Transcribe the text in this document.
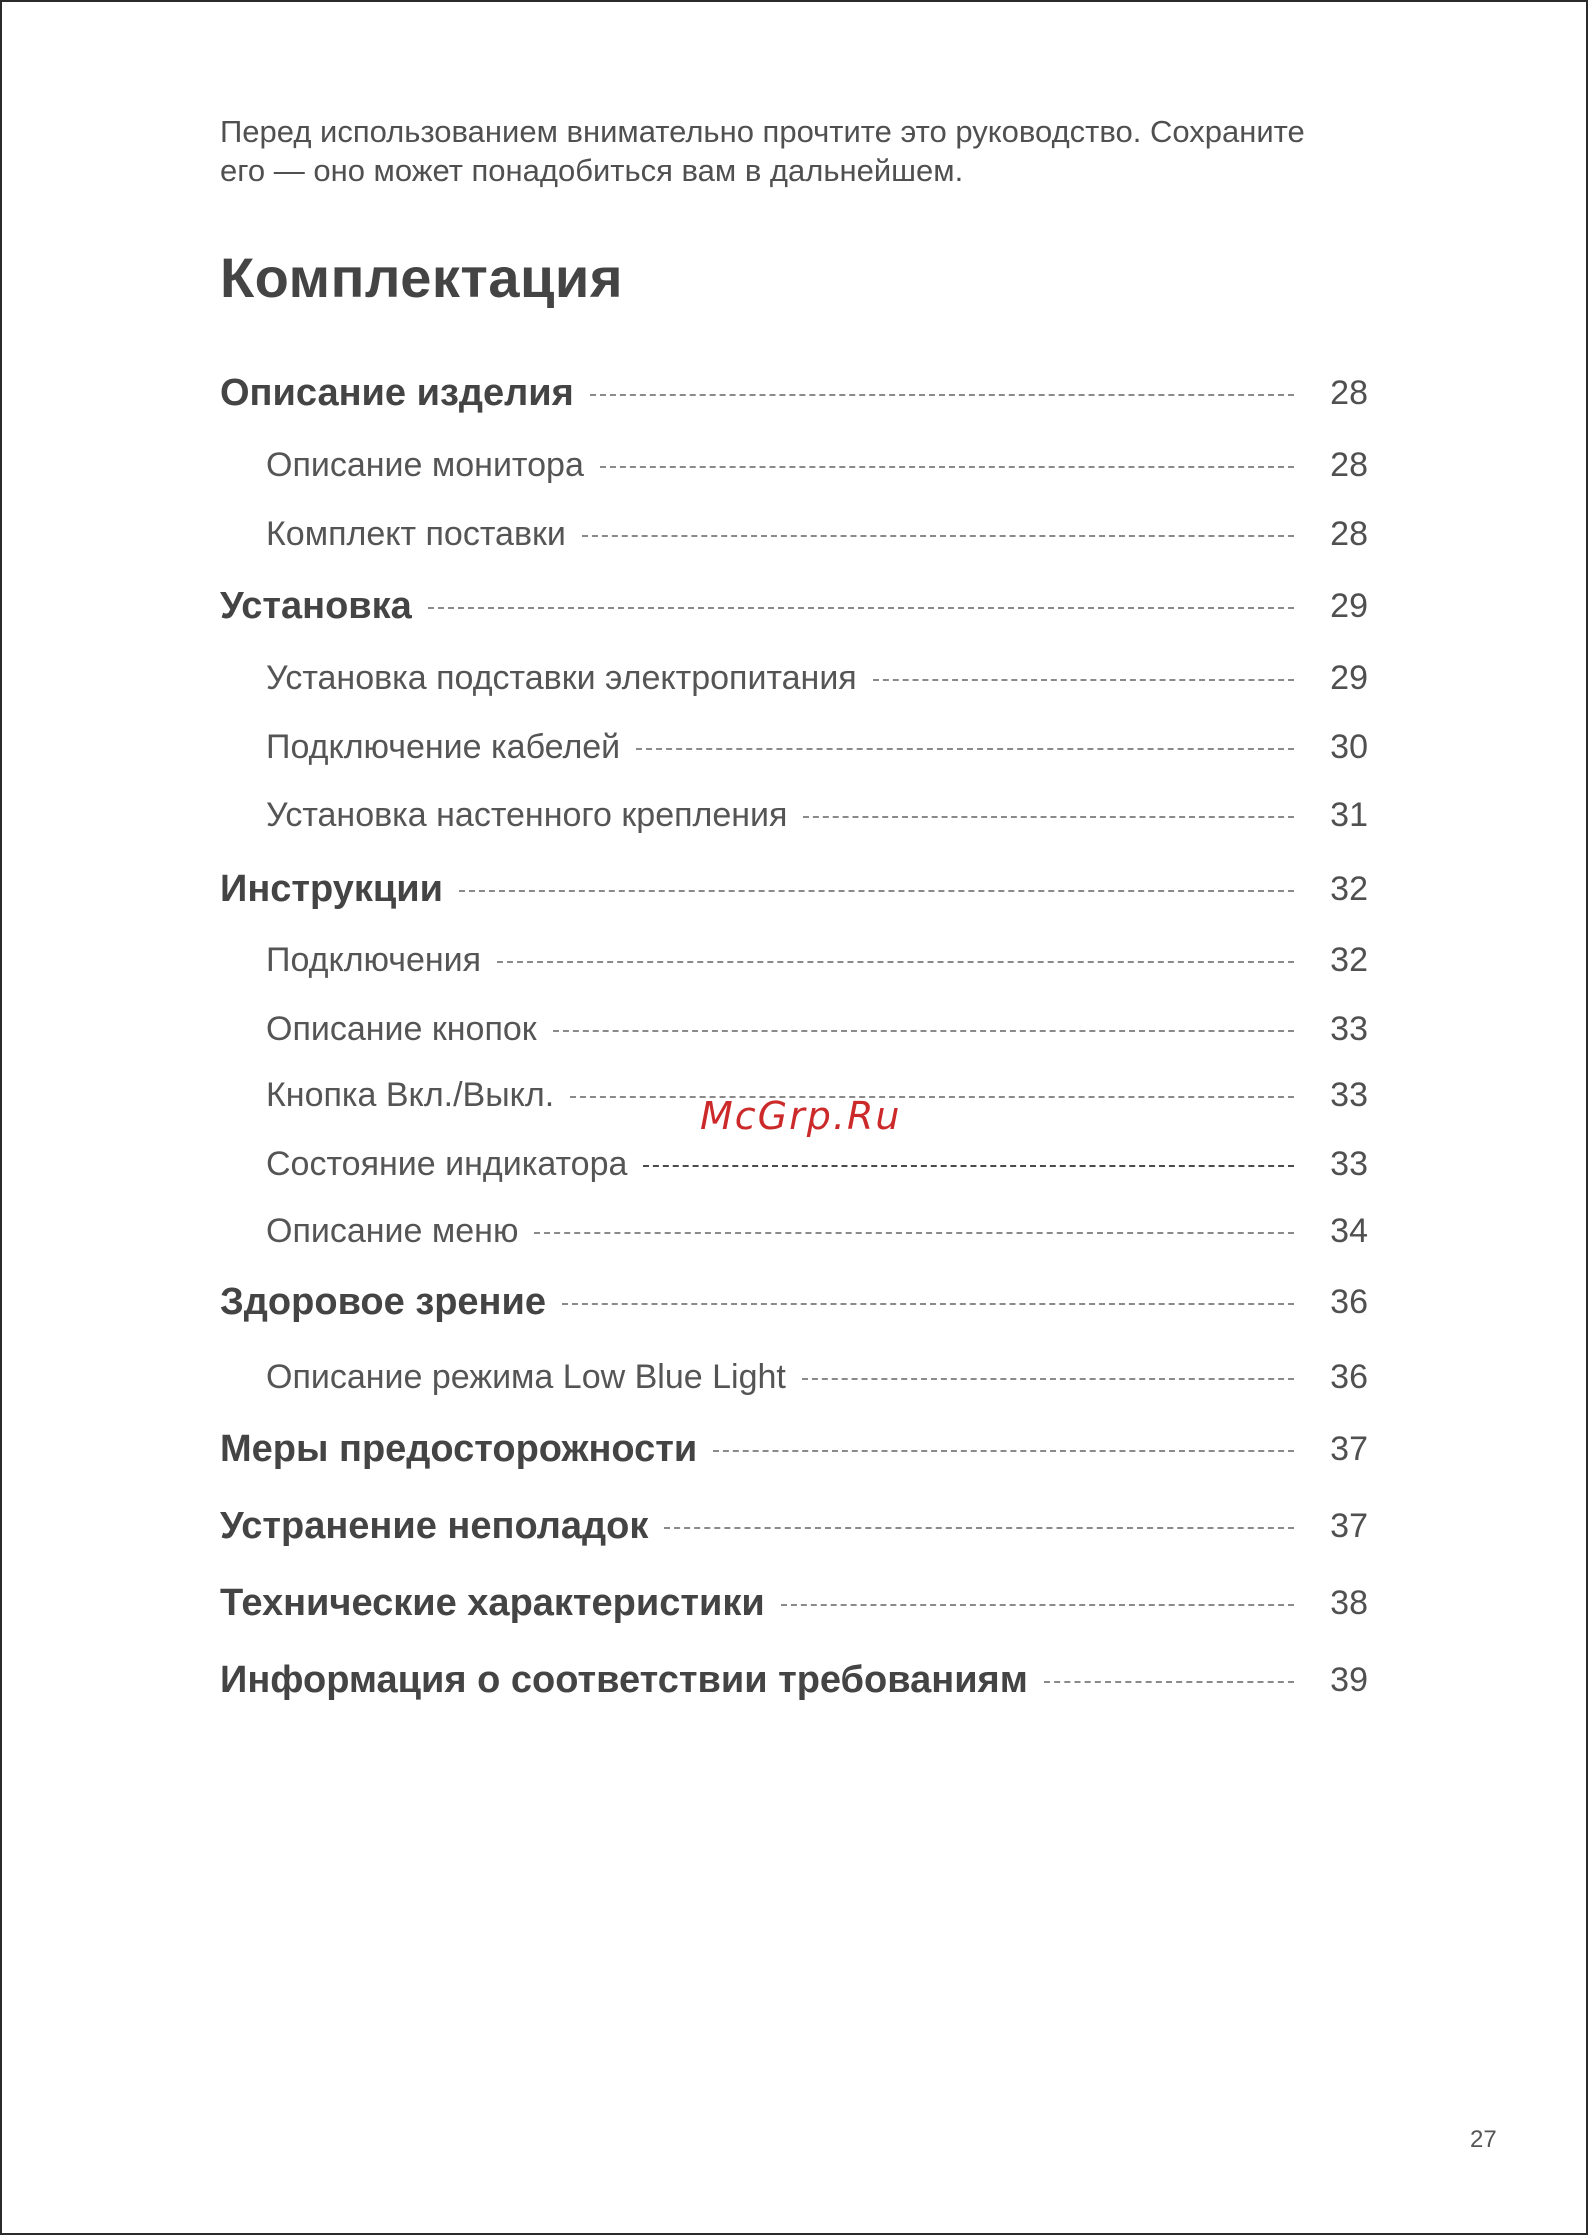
Перед использованием внимательно прочтите это руководство. Сохраните
его — оно может понадобиться вам в дальнейшем.

Комплектация
Описание изделия	28
Описание монитора	28
Комплект поставки	28
Установка	29
Установка подставки электропитания	29
Подключение кабелей	30
Установка настенного крепления	31
Инструкции	32
Подключения	32
Описание кнопок	33
Кнопка Вкл./Выкл.	33
Состояние индикатора	33
Описание меню	34
Здоровое зрение	36
Описание режима Low Blue Light	36
Меры предосторожности	37
Устранение неполадок	37
Технические характеристики	38
Информация о соответствии требованиям	39
McGrp.Ru
27
